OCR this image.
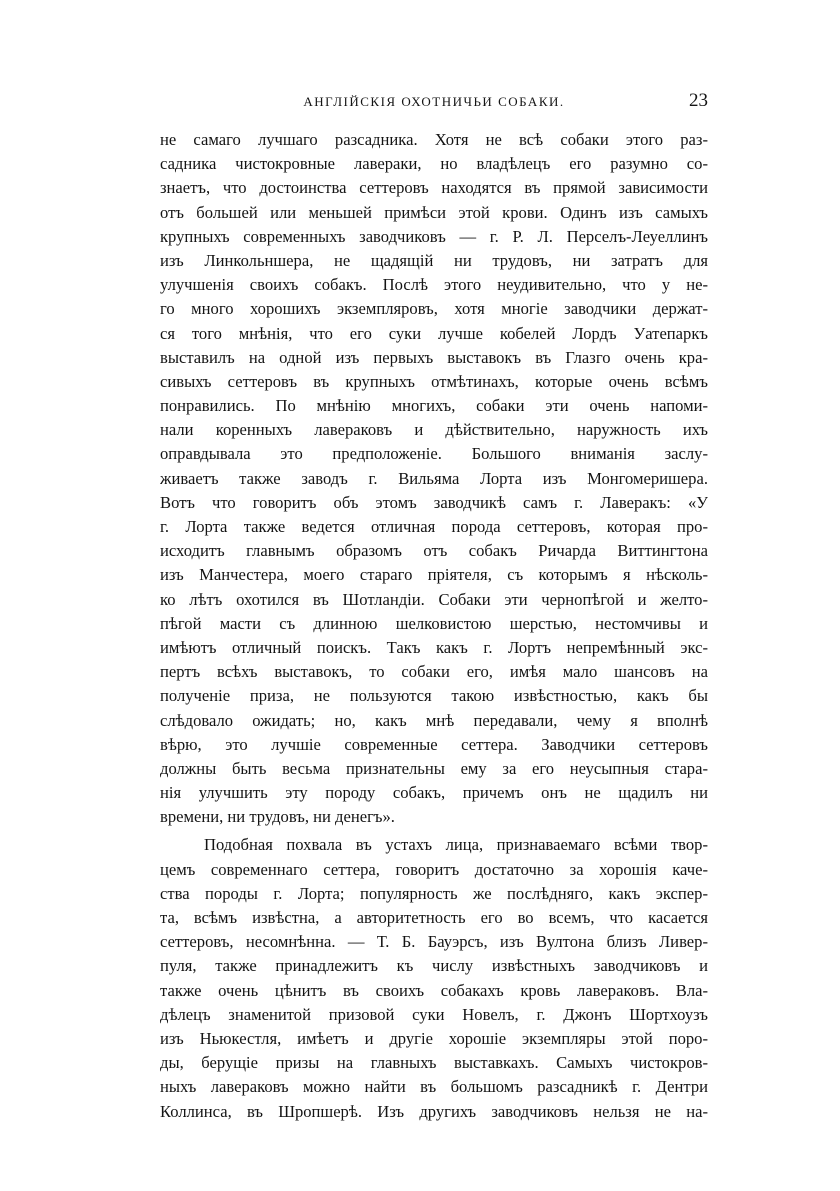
АНГЛІЙСКІЯ ОХОТНИЧЬИ СОБАКИ.	23
не самаго лучшаго разсадника. Хотя не всѣ собаки этого раз-
садника чистокровные лавераки, но владѣлецъ его разумно со-
знаетъ, что достоинства сеттеровъ находятся въ прямой зависимости
отъ большей или меньшей примѣси этой крови. Одинъ изъ самыхъ
крупныхъ современныхъ заводчиковъ — г. Р. Л. Перселъ-Леуеллинъ
изъ Линкольншера, не щадящій ни трудовъ, ни затратъ для
улучшенія своихъ собакъ. Послѣ этого неудивительно, что у не-
го много хорошихъ экземпляровъ, хотя многіе заводчики держат-
ся того мнѣнія, что его суки лучше кобелей Лордъ Уатепаркъ
выставилъ на одной изъ первыхъ выставокъ въ Глазго очень кра-
сивыхъ сеттеровъ въ крупныхъ отмѣтинахъ, которые очень всѣмъ
понравились. По мнѣнію многихъ, собаки эти очень напоми-
нали коренныхъ лавераковъ и дѣйствительно, наружность ихъ
оправдывала это предположеніе. Большого вниманія заслу-
живаетъ также заводъ г. Вильяма Лорта изъ Монгомеришера.
Вотъ что говоритъ объ этомъ заводчикѣ самъ г. Лаверакъ: «У
г. Лорта также ведется отличная порода сеттеровъ, которая про-
исходитъ главнымъ образомъ отъ собакъ Ричарда Виттингтона
изъ Манчестера, моего стараго пріятеля, съ которымъ я нѣсколь-
ко лѣтъ охотился въ Шотландіи. Собаки эти чернопѣгой и желто-
пѣгой масти съ длинною шелковистою шерстью, нестомчивы и
имѣютъ отличный поискъ. Такъ какъ г. Лортъ непремѣнный экс-
пертъ всѣхъ выставокъ, то собаки его, имѣя мало шансовъ на
полученіе приза, не пользуются такою извѣстностью, какъ бы
слѣдовало ожидать; но, какъ мнѣ передавали, чему я вполнѣ
вѣрю, это лучшіе современные сеттера. Заводчики сеттеровъ
должны быть весьма признательны ему за его неусыпныя стара-
нія улучшить эту породу собакъ, причемъ онъ не щадилъ ни
времени, ни трудовъ, ни денегъ».
Подобная похвала въ устахъ лица, признаваемаго всѣми твор-
цемъ современнаго сеттера, говоритъ достаточно за хорошія каче-
ства породы г. Лорта; популярность же послѣдняго, какъ экспер-
та, всѣмъ извѣстна, а авторитетность его во всемъ, что касается
сеттеровъ, несомнѣнна. — Т. Б. Бауэрсъ, изъ Вултона близъ Ливер-
пуля, также принадлежитъ къ числу извѣстныхъ заводчиковъ и
также очень цѣнитъ въ своихъ собакахъ кровь лавераковъ. Вла-
дѣлецъ знаменитой призовой суки Новелъ, г. Джонъ Шортхоузъ
изъ Ньюкестля, имѣетъ и другіе хорошіе экземпляры этой поро-
ды, берущіе призы на главныхъ выставкахъ. Самыхъ чистокров-
ныхъ лавераковъ можно найти въ большомъ разсадникѣ г. Дентри
Коллинса, въ Шропшерѣ. Изъ другихъ заводчиковъ нельзя не на-
